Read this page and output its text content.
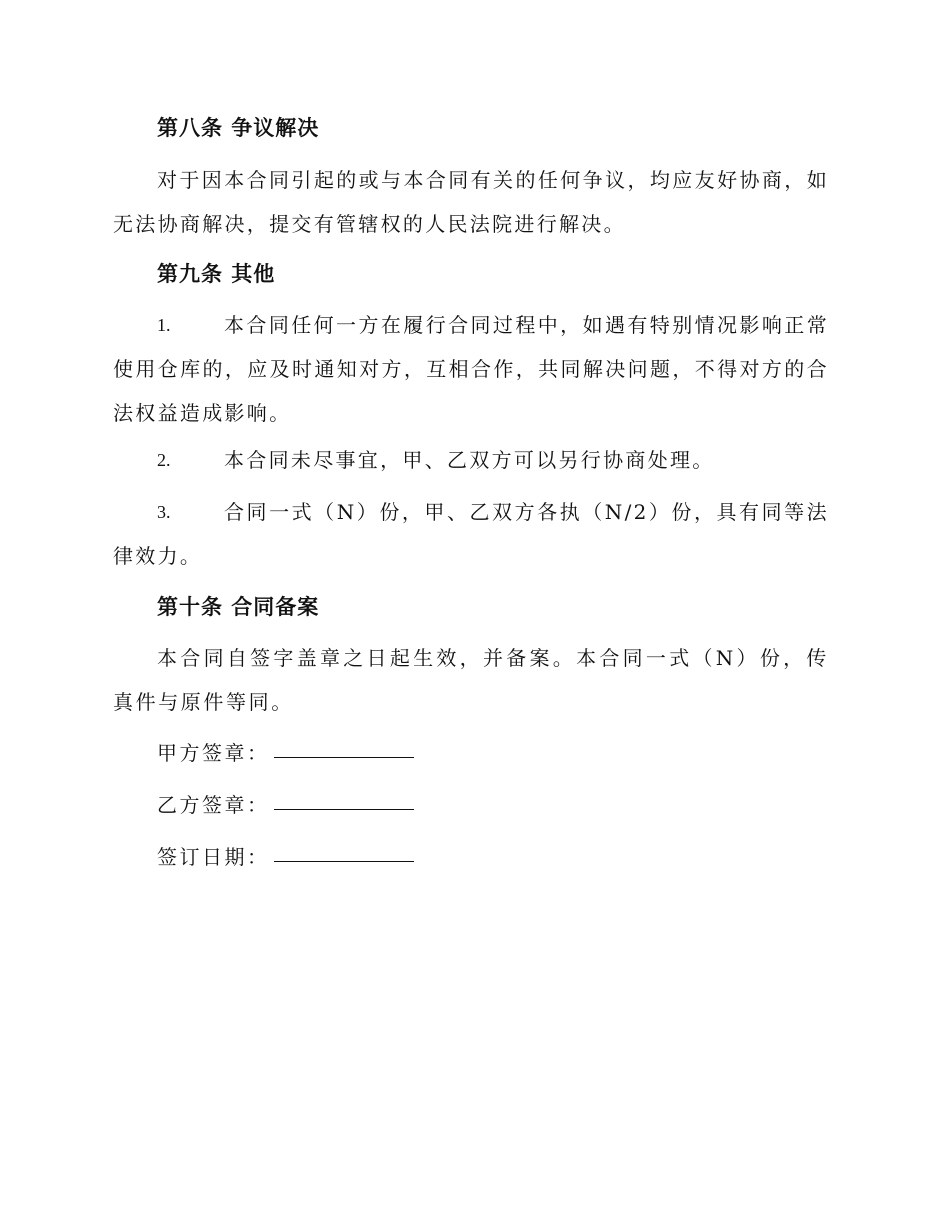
第八条 争议解决
对于因本合同引起的或与本合同有关的任何争议，均应友好协商，如无法协商解决，提交有管辖权的人民法院进行解决。
第九条 其他
1.	本合同任何一方在履行合同过程中，如遇有特别情况影响正常使用仓库的，应及时通知对方，互相合作，共同解决问题，不得对方的合法权益造成影响。
2.	本合同未尽事宜，甲、乙双方可以另行协商处理。
3.	合同一式（N）份，甲、乙双方各执（N/2）份，具有同等法律效力。
第十条 合同备案
本合同自签字盖章之日起生效，并备案。本合同一式（N）份，传真件与原件等同。
甲方签章：
乙方签章：
签订日期：
